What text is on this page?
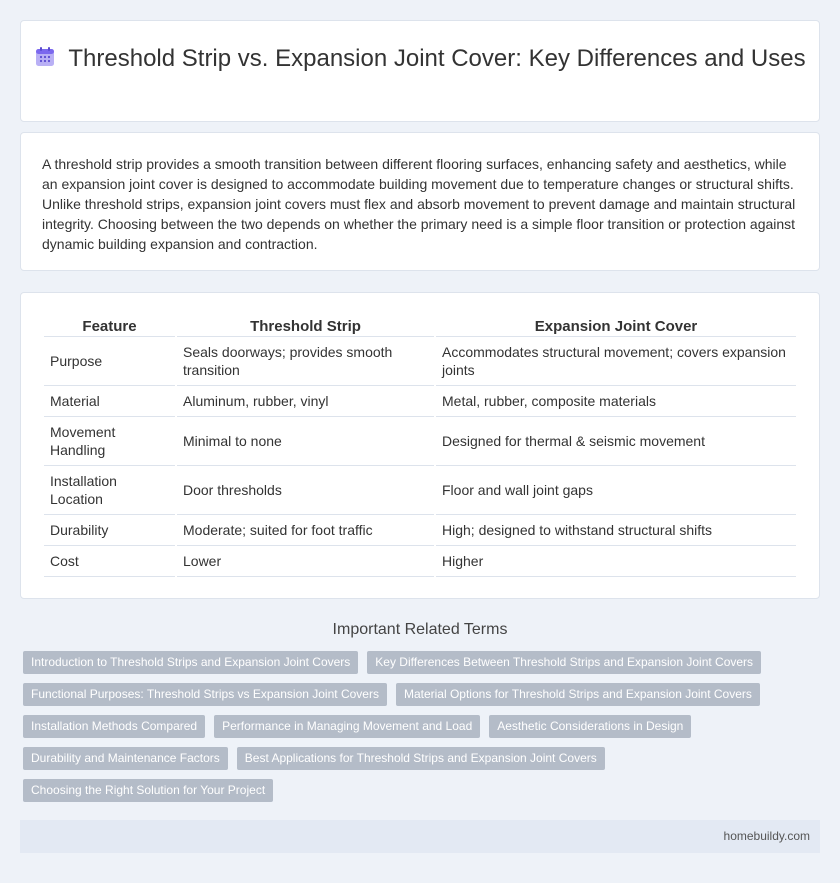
Threshold Strip vs. Expansion Joint Cover: Key Differences and Uses

A threshold strip provides a smooth transition between different flooring surfaces, enhancing safety and aesthetics, while an expansion joint cover is designed to accommodate building movement due to temperature changes or structural shifts. Unlike threshold strips, expansion joint covers must flex and absorb movement to prevent damage and maintain structural integrity. Choosing between the two depends on whether the primary need is a simple floor transition or protection against dynamic building expansion and contraction.

Feature	Threshold Strip	Expansion Joint Cover
Purpose	Seals doorways; provides smooth transition	Accommodates structural movement; covers expansion joints
Material	Aluminum, rubber, vinyl	Metal, rubber, composite materials
Movement Handling	Minimal to none	Designed for thermal & seismic movement
Installation Location	Door thresholds	Floor and wall joint gaps
Durability	Moderate; suited for foot traffic	High; designed to withstand structural shifts
Cost	Lower	Higher
Important Related Terms
Introduction to Threshold Strips and Expansion Joint Covers	Key Differences Between Threshold Strips and Expansion Joint Covers
Functional Purposes: Threshold Strips vs Expansion Joint Covers	Material Options for Threshold Strips and Expansion Joint Covers
Installation Methods Compared	Performance in Managing Movement and Load	Aesthetic Considerations in Design
Durability and Maintenance Factors	Best Applications for Threshold Strips and Expansion Joint Covers
Choosing the Right Solution for Your Project
homebuildy.com
